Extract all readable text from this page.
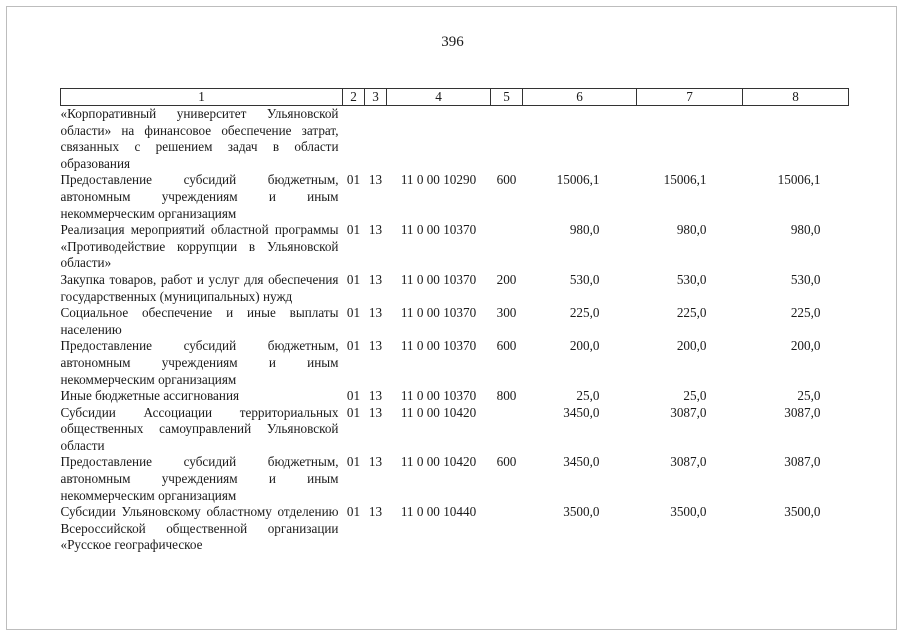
396
1	2	3	4	5	6	7	8
«Корпоративный университет Ульяновской области» на финансовое обеспечение затрат, связанных с решением задач в области образования							
Предоставление субсидий бюджетным, автономным учреждениям и иным некоммерческим организациям	01	13	11 0 00 10290	600	15006,1	15006,1	15006,1
Реализация мероприятий областной программы «Противодействие коррупции в Ульяновской области»	01	13	11 0 00 10370		980,0	980,0	980,0
Закупка товаров, работ и услуг для обеспечения государственных (муниципальных) нужд	01	13	11 0 00 10370	200	530,0	530,0	530,0
Социальное обеспечение и иные выплаты населению	01	13	11 0 00 10370	300	225,0	225,0	225,0
Предоставление субсидий бюджетным, автономным учреждениям и иным некоммерческим организациям	01	13	11 0 00 10370	600	200,0	200,0	200,0
Иные бюджетные ассигнования	01	13	11 0 00 10370	800	25,0	25,0	25,0
Субсидии Ассоциации территориальных общественных самоуправлений Ульяновской области	01	13	11 0 00 10420		3450,0	3087,0	3087,0
Предоставление субсидий бюджетным, автономным учреждениям и иным некоммерческим организациям	01	13	11 0 00 10420	600	3450,0	3087,0	3087,0
Субсидии Ульяновскому областному отделению Всероссийской общественной организации «Русское географическое	01	13	11 0 00 10440		3500,0	3500,0	3500,0
